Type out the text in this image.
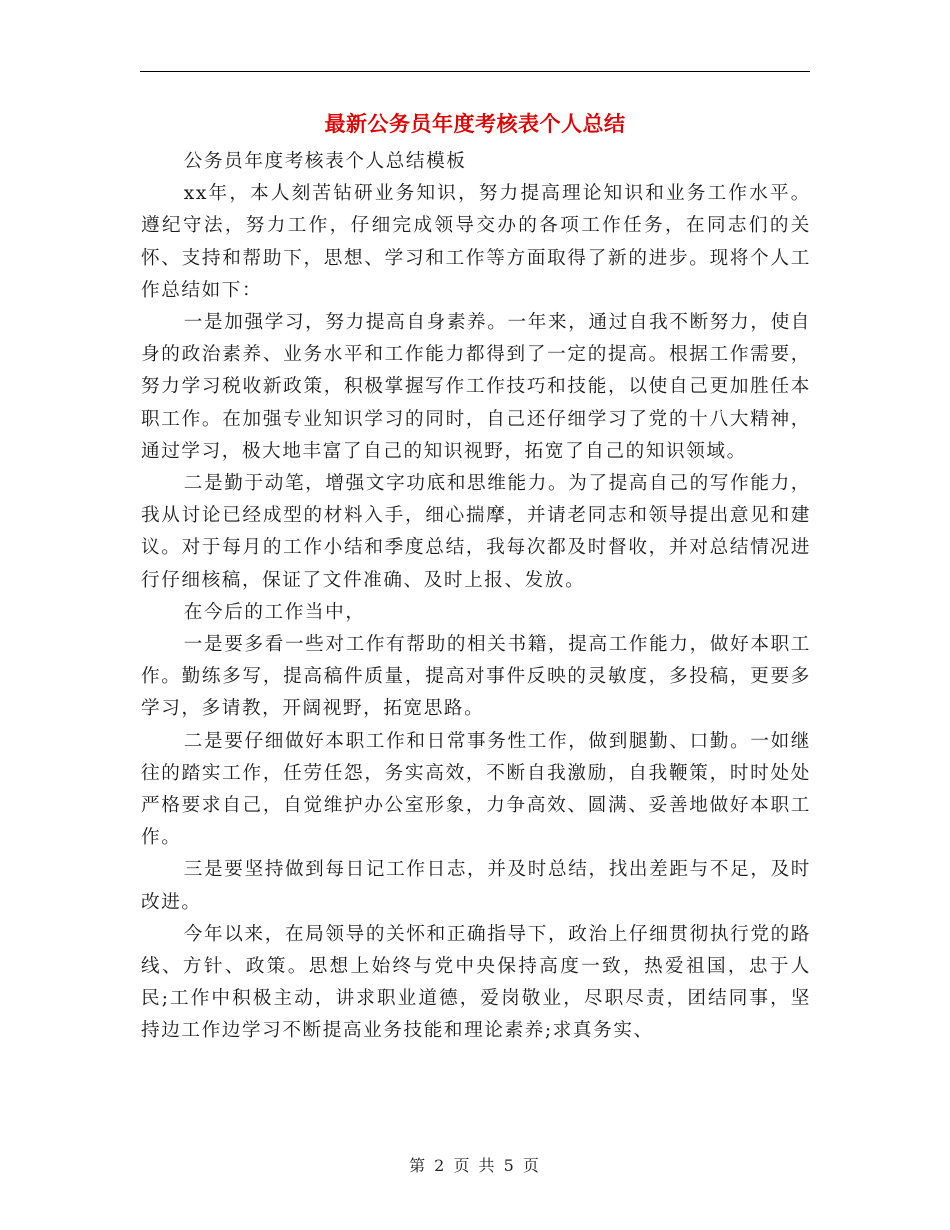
最新公务员年度考核表个人总结

公务员年度考核表个人总结模板

xx年，本人刻苦钻研业务知识，努力提高理论知识和业务工作水平。遵纪守法，努力工作，仔细完成领导交办的各项工作任务，在同志们的关怀、支持和帮助下，思想、学习和工作等方面取得了新的进步。现将个人工作总结如下：

一是加强学习，努力提高自身素养。一年来，通过自我不断努力，使自身的政治素养、业务水平和工作能力都得到了一定的提高。根据工作需要，努力学习税收新政策，积极掌握写作工作技巧和技能，以使自己更加胜任本职工作。在加强专业知识学习的同时，自己还仔细学习了党的十八大精神，通过学习，极大地丰富了自己的知识视野，拓宽了自己的知识领域。

二是勤于动笔，增强文字功底和思维能力。为了提高自己的写作能力，我从讨论已经成型的材料入手，细心揣摩，并请老同志和领导提出意见和建议。对于每月的工作小结和季度总结，我每次都及时督收，并对总结情况进行仔细核稿，保证了文件准确、及时上报、发放。

在今后的工作当中，

一是要多看一些对工作有帮助的相关书籍，提高工作能力，做好本职工作。勤练多写，提高稿件质量，提高对事件反映的灵敏度，多投稿，更要多学习，多请教，开阔视野，拓宽思路。

二是要仔细做好本职工作和日常事务性工作，做到腿勤、口勤。一如继往的踏实工作，任劳任怨，务实高效，不断自我激励，自我鞭策，时时处处严格要求自己，自觉维护办公室形象，力争高效、圆满、妥善地做好本职工作。

三是要坚持做到每日记工作日志，并及时总结，找出差距与不足，及时改进。

今年以来，在局领导的关怀和正确指导下，政治上仔细贯彻执行党的路线、方针、政策。思想上始终与党中央保持高度一致，热爱祖国，忠于人民;工作中积极主动，讲求职业道德，爱岗敬业，尽职尽责，团结同事，坚持边工作边学习不断提高业务技能和理论素养;求真务实、

第 2 页 共 5 页
